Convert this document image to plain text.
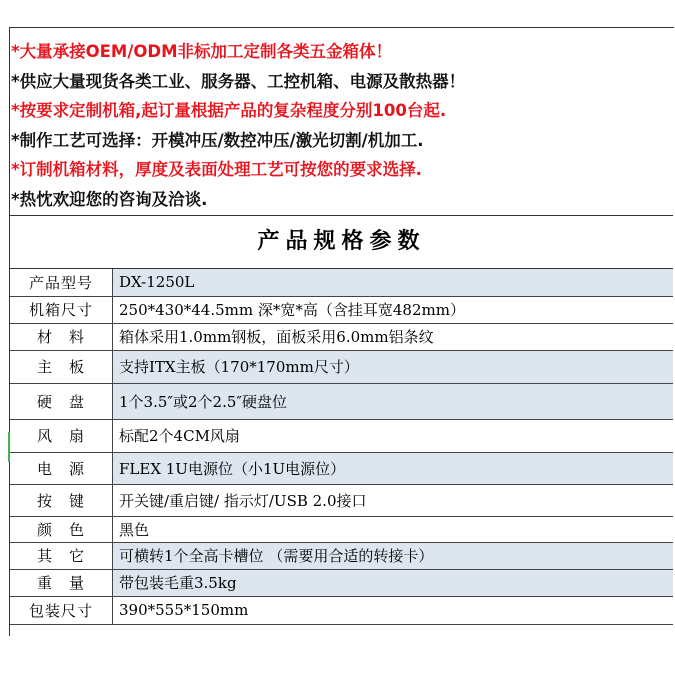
*大量承接OEM/ODM非标加工定制各类五金箱体！
*供应大量现货各类工业、服务器、工控机箱、电源及散热器！
*按要求定制机箱,起订量根据产品的复杂程度分别100台起.
*制作工艺可选择：开模冲压/数控冲压/激光切割/机加工.
*订制机箱材料，厚度及表面处理工艺可按您的要求选择.
*热忱欢迎您的咨询及洽谈.
产品规格参数
产品型号	DX-1250L
机箱尺寸	250*430*44.5mm 深*宽*高（含挂耳宽482mm）
材　料	箱体采用1.0mm钢板，面板采用6.0mm铝条纹
主　板	支持ITX主板（170*170mm尺寸）
硬　盘	1个3.5″或2个2.5″硬盘位
风　扇	标配2个4CM风扇
电　源	FLEX 1U电源位（小1U电源位）
按　键	开关键/重启键/ 指示灯/USB 2.0接口
颜　色	黑色
其　它	可横转1个全高卡槽位 （需要用合适的转接卡）
重　量	带包装毛重3.5kg
包装尺寸	390*555*150mm
